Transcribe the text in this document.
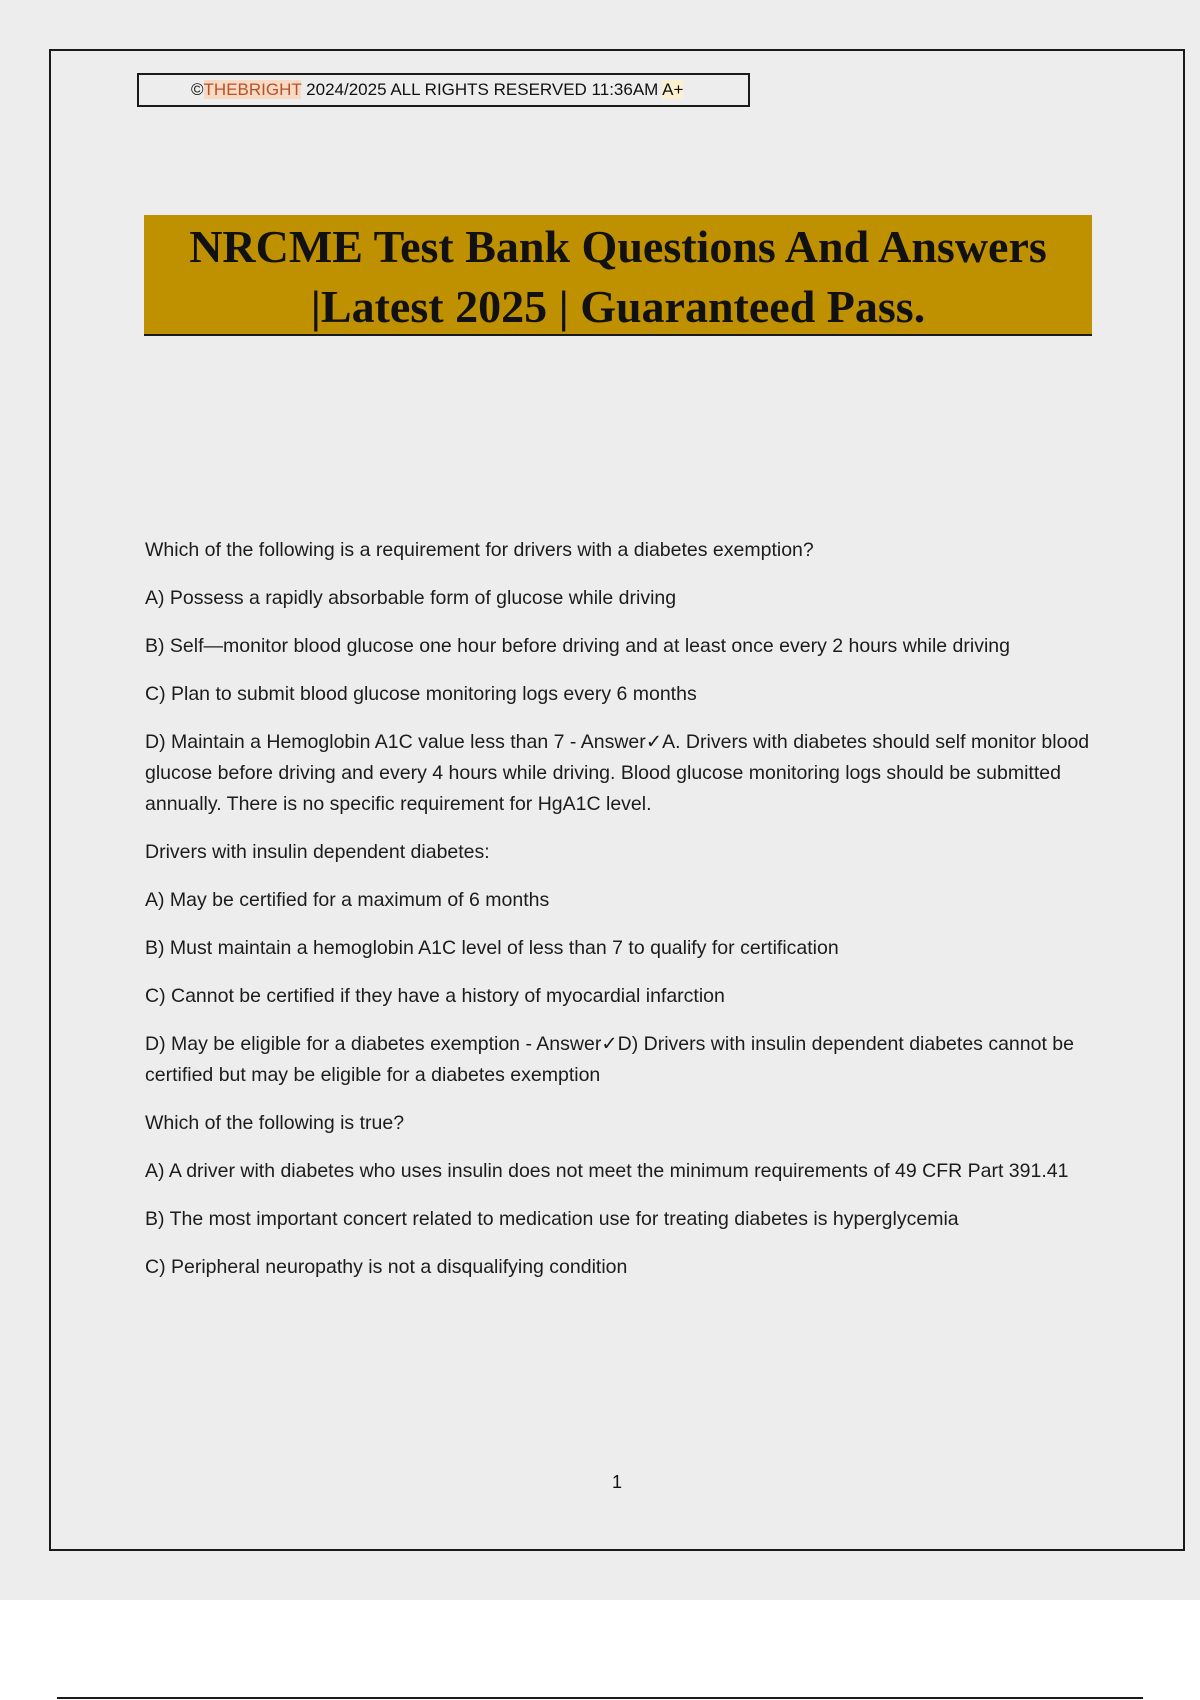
©THEBRIGHT 2024/2025 ALL RIGHTS RESERVED 11:36AM A+
NRCME Test Bank Questions And Answers
|Latest 2025 | Guaranteed Pass.

Which of the following is a requirement for drivers with a diabetes exemption?

A) Possess a rapidly absorbable form of glucose while driving

B) Self—monitor blood glucose one hour before driving and at least once every 2 hours while driving

C) Plan to submit blood glucose monitoring logs every 6 months

D) Maintain a Hemoglobin A1C value less than 7 - Answer✓A. Drivers with diabetes should self monitor blood glucose before driving and every 4 hours while driving. Blood glucose monitoring logs should be submitted annually. There is no specific requirement for HgA1C level.

Drivers with insulin dependent diabetes:

A) May be certified for a maximum of 6 months

B) Must maintain a hemoglobin A1C level of less than 7 to qualify for certification

C) Cannot be certified if they have a history of myocardial infarction

D) May be eligible for a diabetes exemption - Answer✓D) Drivers with insulin dependent diabetes cannot be certified but may be eligible for a diabetes exemption

Which of the following is true?

A) A driver with diabetes who uses insulin does not meet the minimum requirements of 49 CFR Part 391.41

B) The most important concert related to medication use for treating diabetes is hyperglycemia

C) Peripheral neuropathy is not a disqualifying condition

1
